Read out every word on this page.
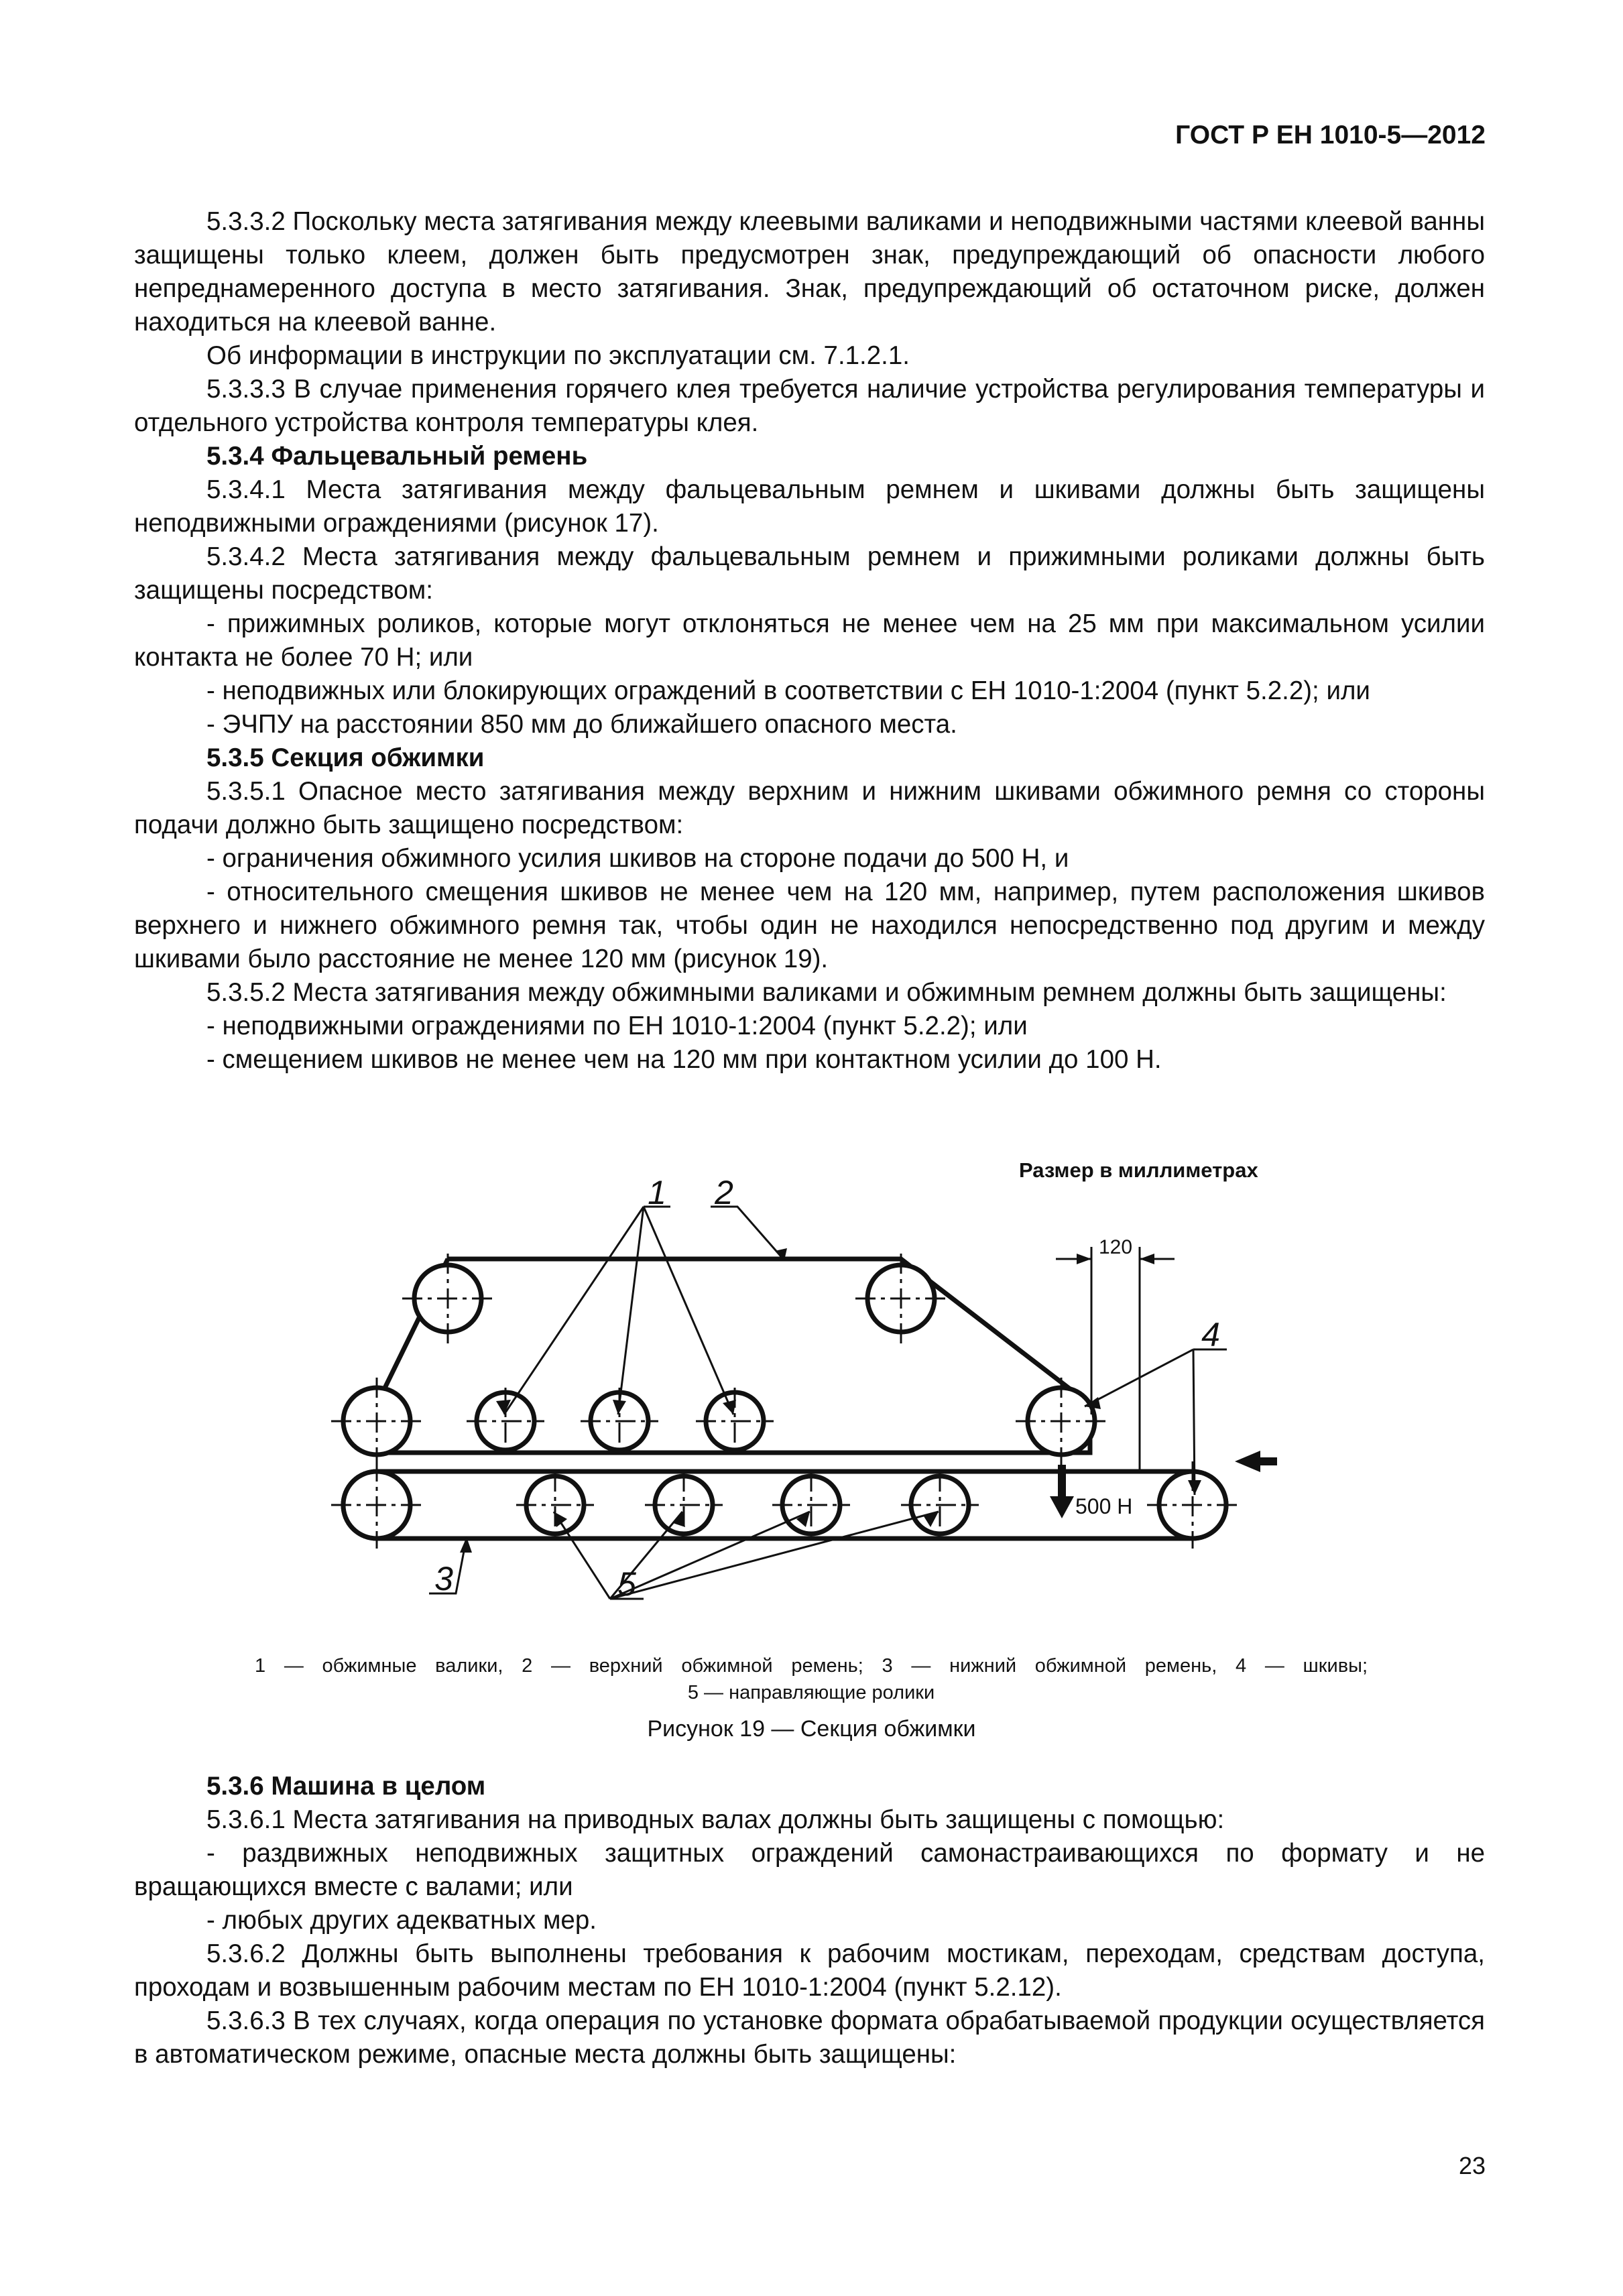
ГОСТ Р ЕН 1010-5—2012

5.3.3.2 Поскольку места затягивания между клеевыми валиками и неподвижными частями клеевой ванны защищены только клеем, должен быть предусмотрен знак, предупреждающий об опасности любого непреднамеренного доступа в место затягивания. Знак, предупреждающий об остаточном риске, должен находиться на клеевой ванне.

Об информации в инструкции по эксплуатации см. 7.1.2.1.

5.3.3.3 В случае применения горячего клея требуется наличие устройства регулирования температуры и отдельного устройства контроля температуры клея.

5.3.4 Фальцевальный ремень

5.3.4.1 Места затягивания между фальцевальным ремнем и шкивами должны быть защищены неподвижными ограждениями (рисунок 17).

5.3.4.2 Места затягивания между фальцевальным ремнем и прижимными роликами должны быть защищены посредством:

- прижимных роликов, которые могут отклоняться не менее чем на 25 мм при максимальном усилии контакта не более 70 Н; или

- неподвижных или блокирующих ограждений в соответствии с ЕН 1010-1:2004 (пункт 5.2.2); или

- ЭЧПУ на расстоянии 850 мм до ближайшего опасного места.

5.3.5 Секция обжимки

5.3.5.1 Опасное место затягивания между верхним и нижним шкивами обжимного ремня со стороны подачи должно быть защищено посредством:

- ограничения обжимного усилия шкивов на стороне подачи до 500 Н, и

- относительного смещения шкивов не менее чем на 120 мм, например, путем расположения шкивов верхнего и нижнего обжимного ремня так, чтобы один не находился непосредственно под другим и между шкивами было расстояние не менее 120 мм (рисунок 19).

5.3.5.2 Места затягивания между обжимными валиками и обжимным ремнем должны быть защищены:

- неподвижными ограждениями по ЕН 1010-1:2004 (пункт 5.2.2); или

- смещением шкивов не менее чем на 120 мм при контактном усилии до 100 Н.

Размер в миллиметрах
1 2
4
3	5
120
500 Н
1 — обжимные валики, 2 — верхний обжимной ремень; 3 — нижний обжимной ремень, 4 — шкивы;
5 — направляющие ролики
Рисунок 19 — Секция обжимки

5.3.6 Машина в целом

5.3.6.1 Места затягивания на приводных валах должны быть защищены с помощью:

- раздвижных неподвижных защитных ограждений самонастраивающихся по формату и не вращающихся вместе с валами; или

- любых других адекватных мер.

5.3.6.2 Должны быть выполнены требования к рабочим мостикам, переходам, средствам доступа, проходам и возвышенным рабочим местам по ЕН 1010-1:2004 (пункт 5.2.12).

5.3.6.3 В тех случаях, когда операция по установке формата обрабатываемой продукции осуществляется в автоматическом режиме, опасные места должны быть защищены:

23
